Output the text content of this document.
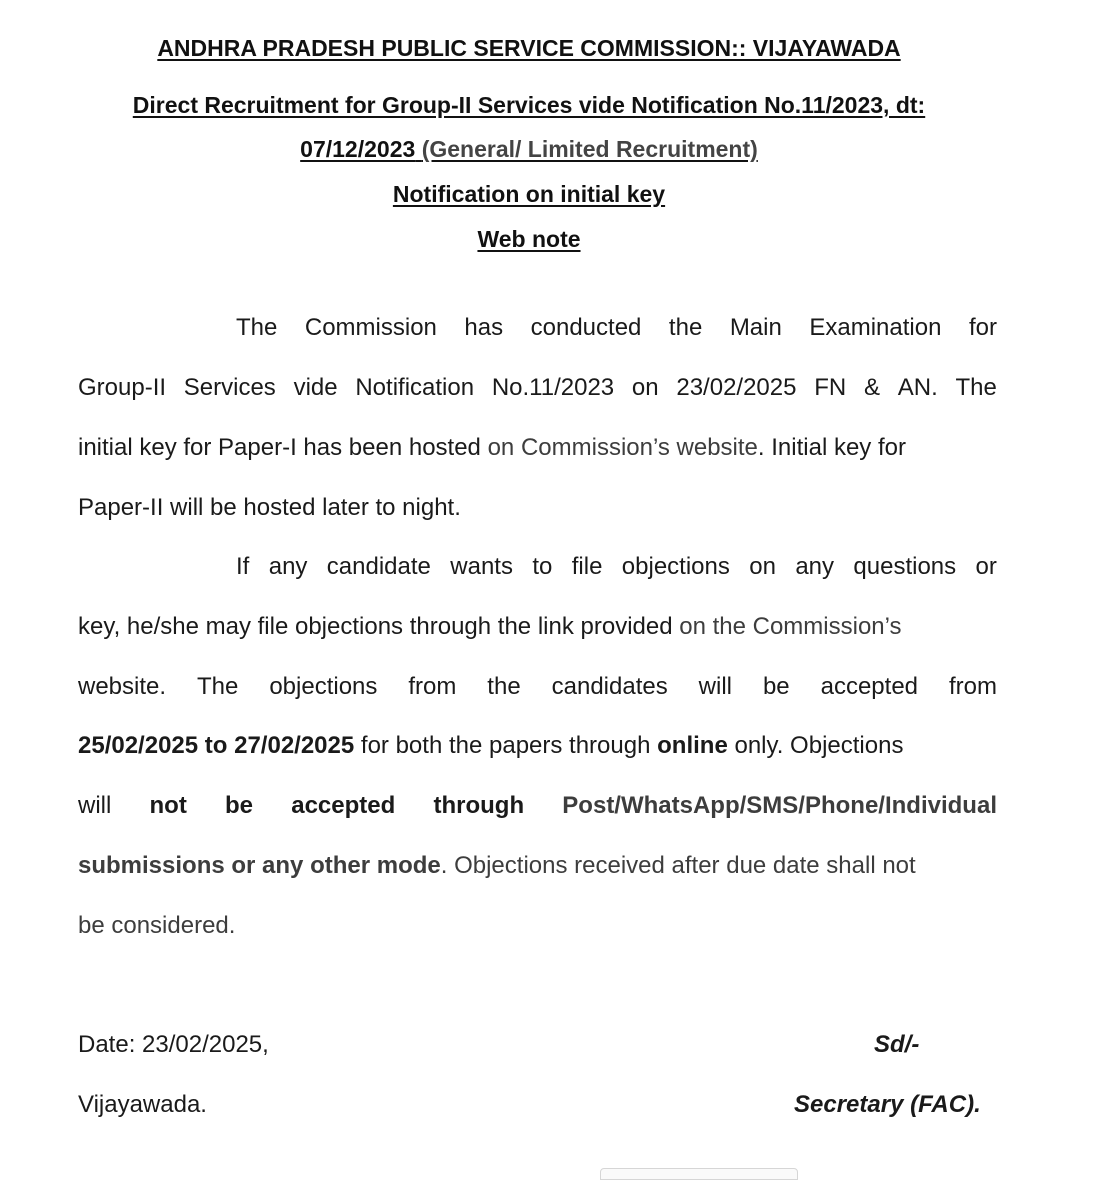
ANDHRA PRADESH PUBLIC SERVICE COMMISSION:: VIJAYAWADA
Direct Recruitment for Group-II Services vide Notification No.11/2023, dt:
07/12/2023 (General/ Limited Recruitment)
Notification on initial key
Web note
The Commission has conducted the Main Examination for
Group-II Services vide Notification No.11/2023 on 23/02/2025 FN & AN. The
initial key for Paper-I has been hosted
on Commission’s website . Initial key for
Paper-II will be hosted later to night.
If any candidate wants to file objections on any questions or
key, he/she may file objections through the link provided
on the Commission’s
website. The objections from the candidates will be accepted from
25/02/2025 to 27/02/2025
for both the papers through
online
only. Objections
will not be accepted through Post/WhatsApp/SMS/Phone/Individual
submissions or any other mode . Objections received after due date shall not
be considered.
Date: 23/02/2025,
Vijayawada.
Sd/-
Secretary (FAC).
